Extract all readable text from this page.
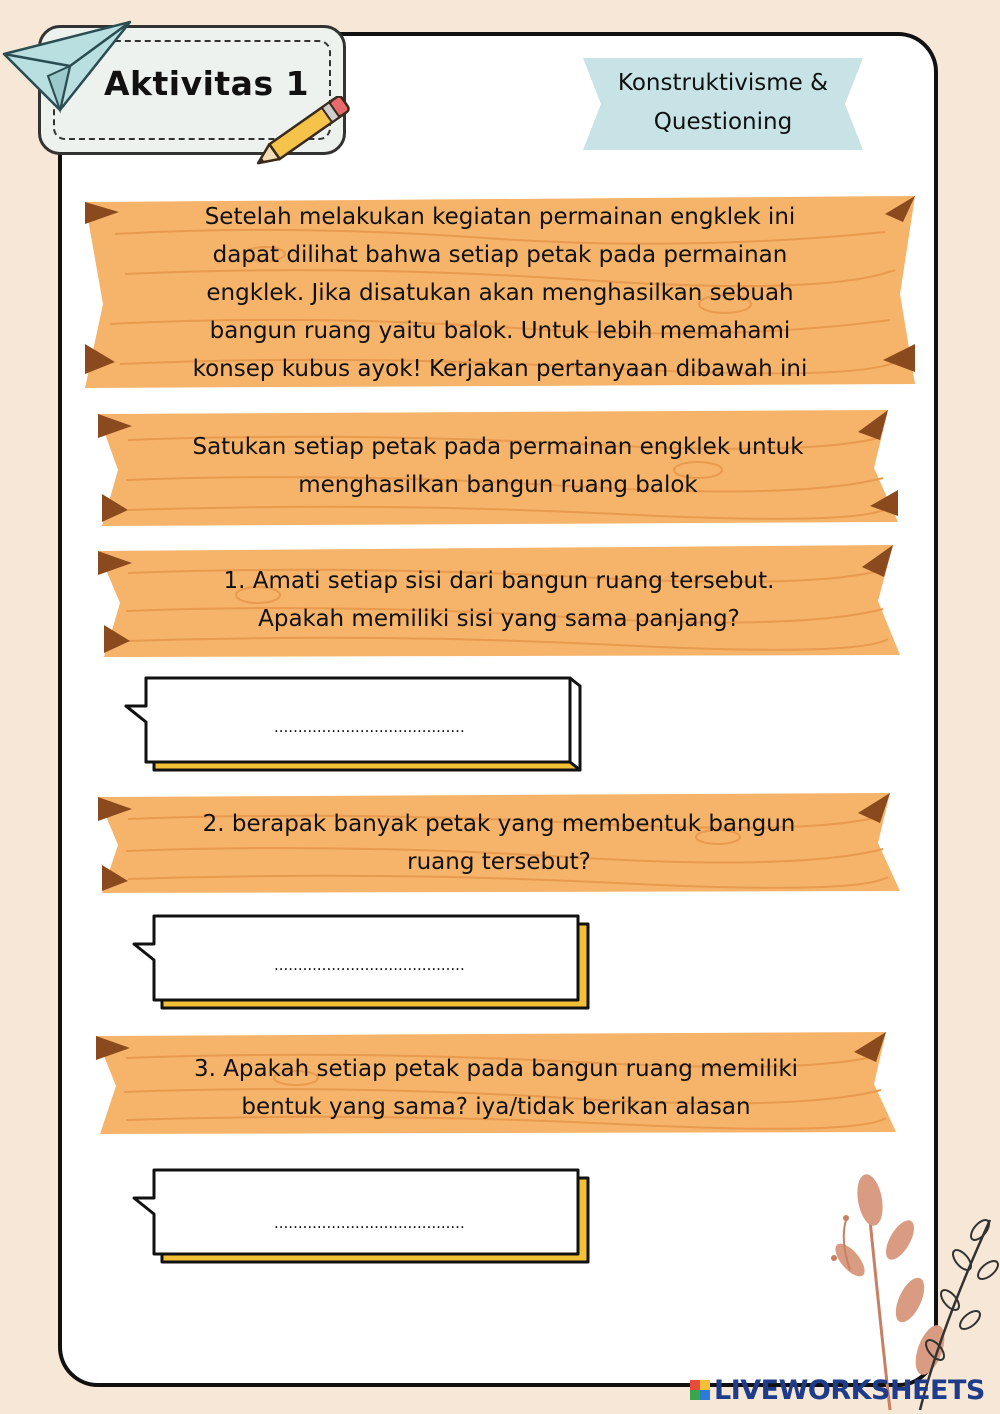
Aktivitas 1	Konstruktivisme &
Questioning
Setelah melakukan kegiatan permainan engklek ini
dapat dilihat bahwa setiap petak pada permainan
engklek. Jika disatukan akan menghasilkan sebuah
bangun ruang yaitu balok. Untuk lebih memahami
konsep kubus ayok! Kerjakan pertanyaan dibawah ini
Satukan setiap petak pada permainan engklek untuk
menghasilkan bangun ruang balok
1. Amati setiap sisi dari bangun ruang tersebut.
Apakah memiliki sisi yang sama panjang?
........................................
2. berapak banyak petak yang membentuk bangun
ruang tersebut?
........................................
3. Apakah setiap petak pada bangun ruang memiliki
bentuk yang sama? iya/tidak berikan alasan
........................................
LIVEWORKSHEETS
